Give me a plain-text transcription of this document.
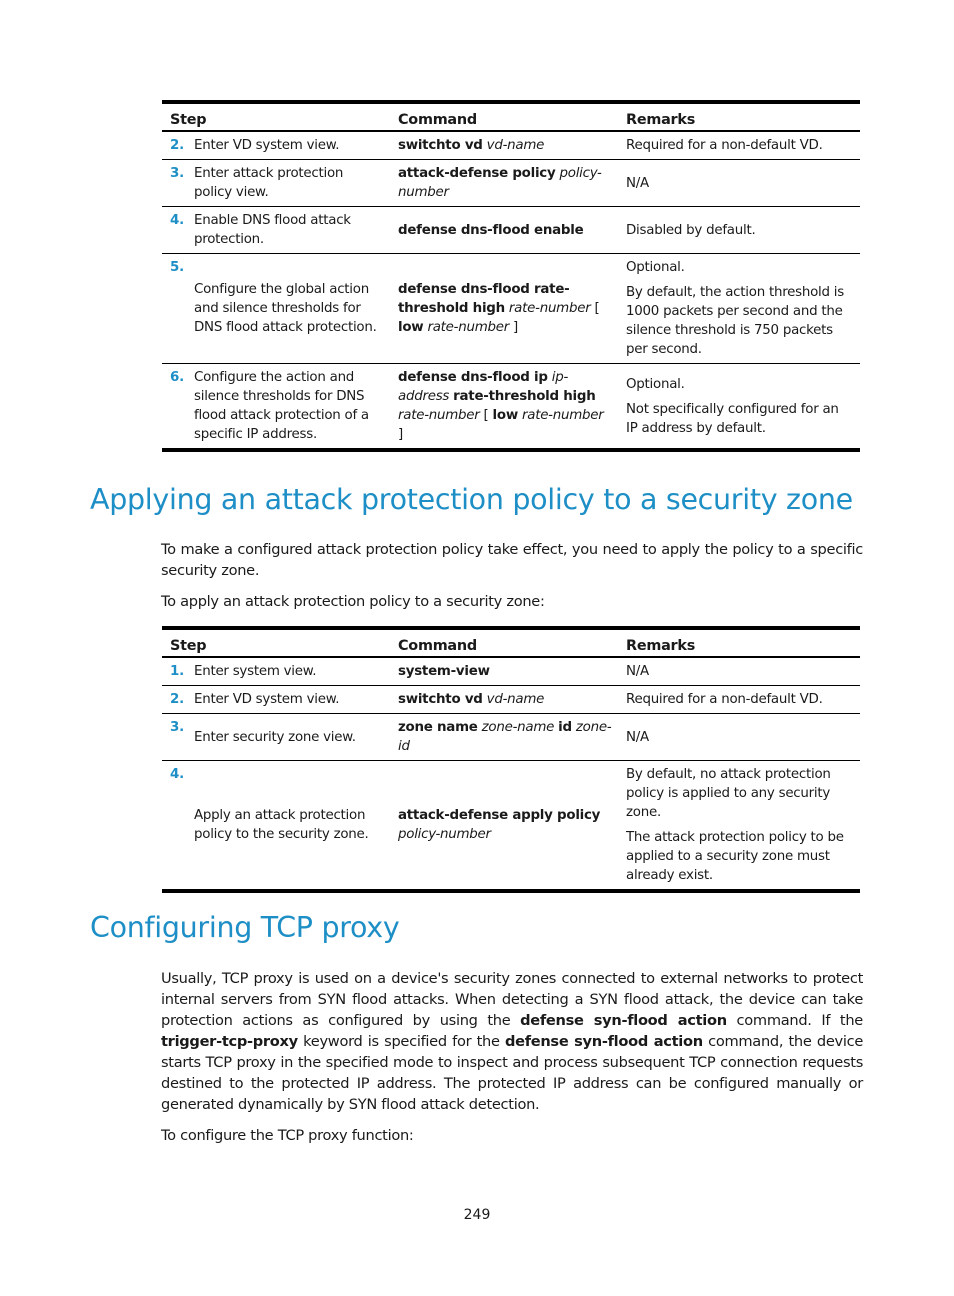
Step		Command	Remarks
2.	Enter VD system view.	switchto vd vd-name	Required for a non-default VD.

3.	Enter attack protection policy view.	attack-defense policy policy-number	N/A

4.	Enable DNS flood attack protection.	defense dns-flood enable	Disabled by default.

5.	Configure the global action and silence thresholds for DNS flood attack protection.	defense dns-flood rate-threshold high rate-number [ low rate-number ]	Optional.

By default, the action threshold is 1000 packets per second and the silence threshold is 750 packets per second.

6.	Configure the action and silence thresholds for DNS flood attack protection of a specific IP address.	defense dns-flood ip ip-address rate-threshold high rate-number [ low rate-number ]	Optional.

Not specifically configured for an IP address by default.

Applying an attack protection policy to a security zone

To make a configured attack protection policy take effect, you need to apply the policy to a specific security zone.

To apply an attack protection policy to a security zone:

Step		Command	Remarks
1.	Enter system view.	system-view	N/A

2.	Enter VD system view.	switchto vd vd-name	Required for a non-default VD.

3.	Enter security zone view.	zone name zone-name id zone-id	N/A

4.	Apply an attack protection policy to the security zone.	attack-defense apply policy policy-number	By default, no attack protection policy is applied to any security zone.

The attack protection policy to be applied to a security zone must already exist.

Configuring TCP proxy

Usually, TCP proxy is used on a device's security zones connected to external networks to protect internal servers from SYN flood attacks. When detecting a SYN flood attack, the device can take protection actions as configured by using the defense syn-flood action command. If the trigger-tcp-proxy keyword is specified for the defense syn-flood action command, the device starts TCP proxy in the specified mode to inspect and process subsequent TCP connection requests destined to the protected IP address. The protected IP address can be configured manually or generated dynamically by SYN flood attack detection.

To configure the TCP proxy function:

249
